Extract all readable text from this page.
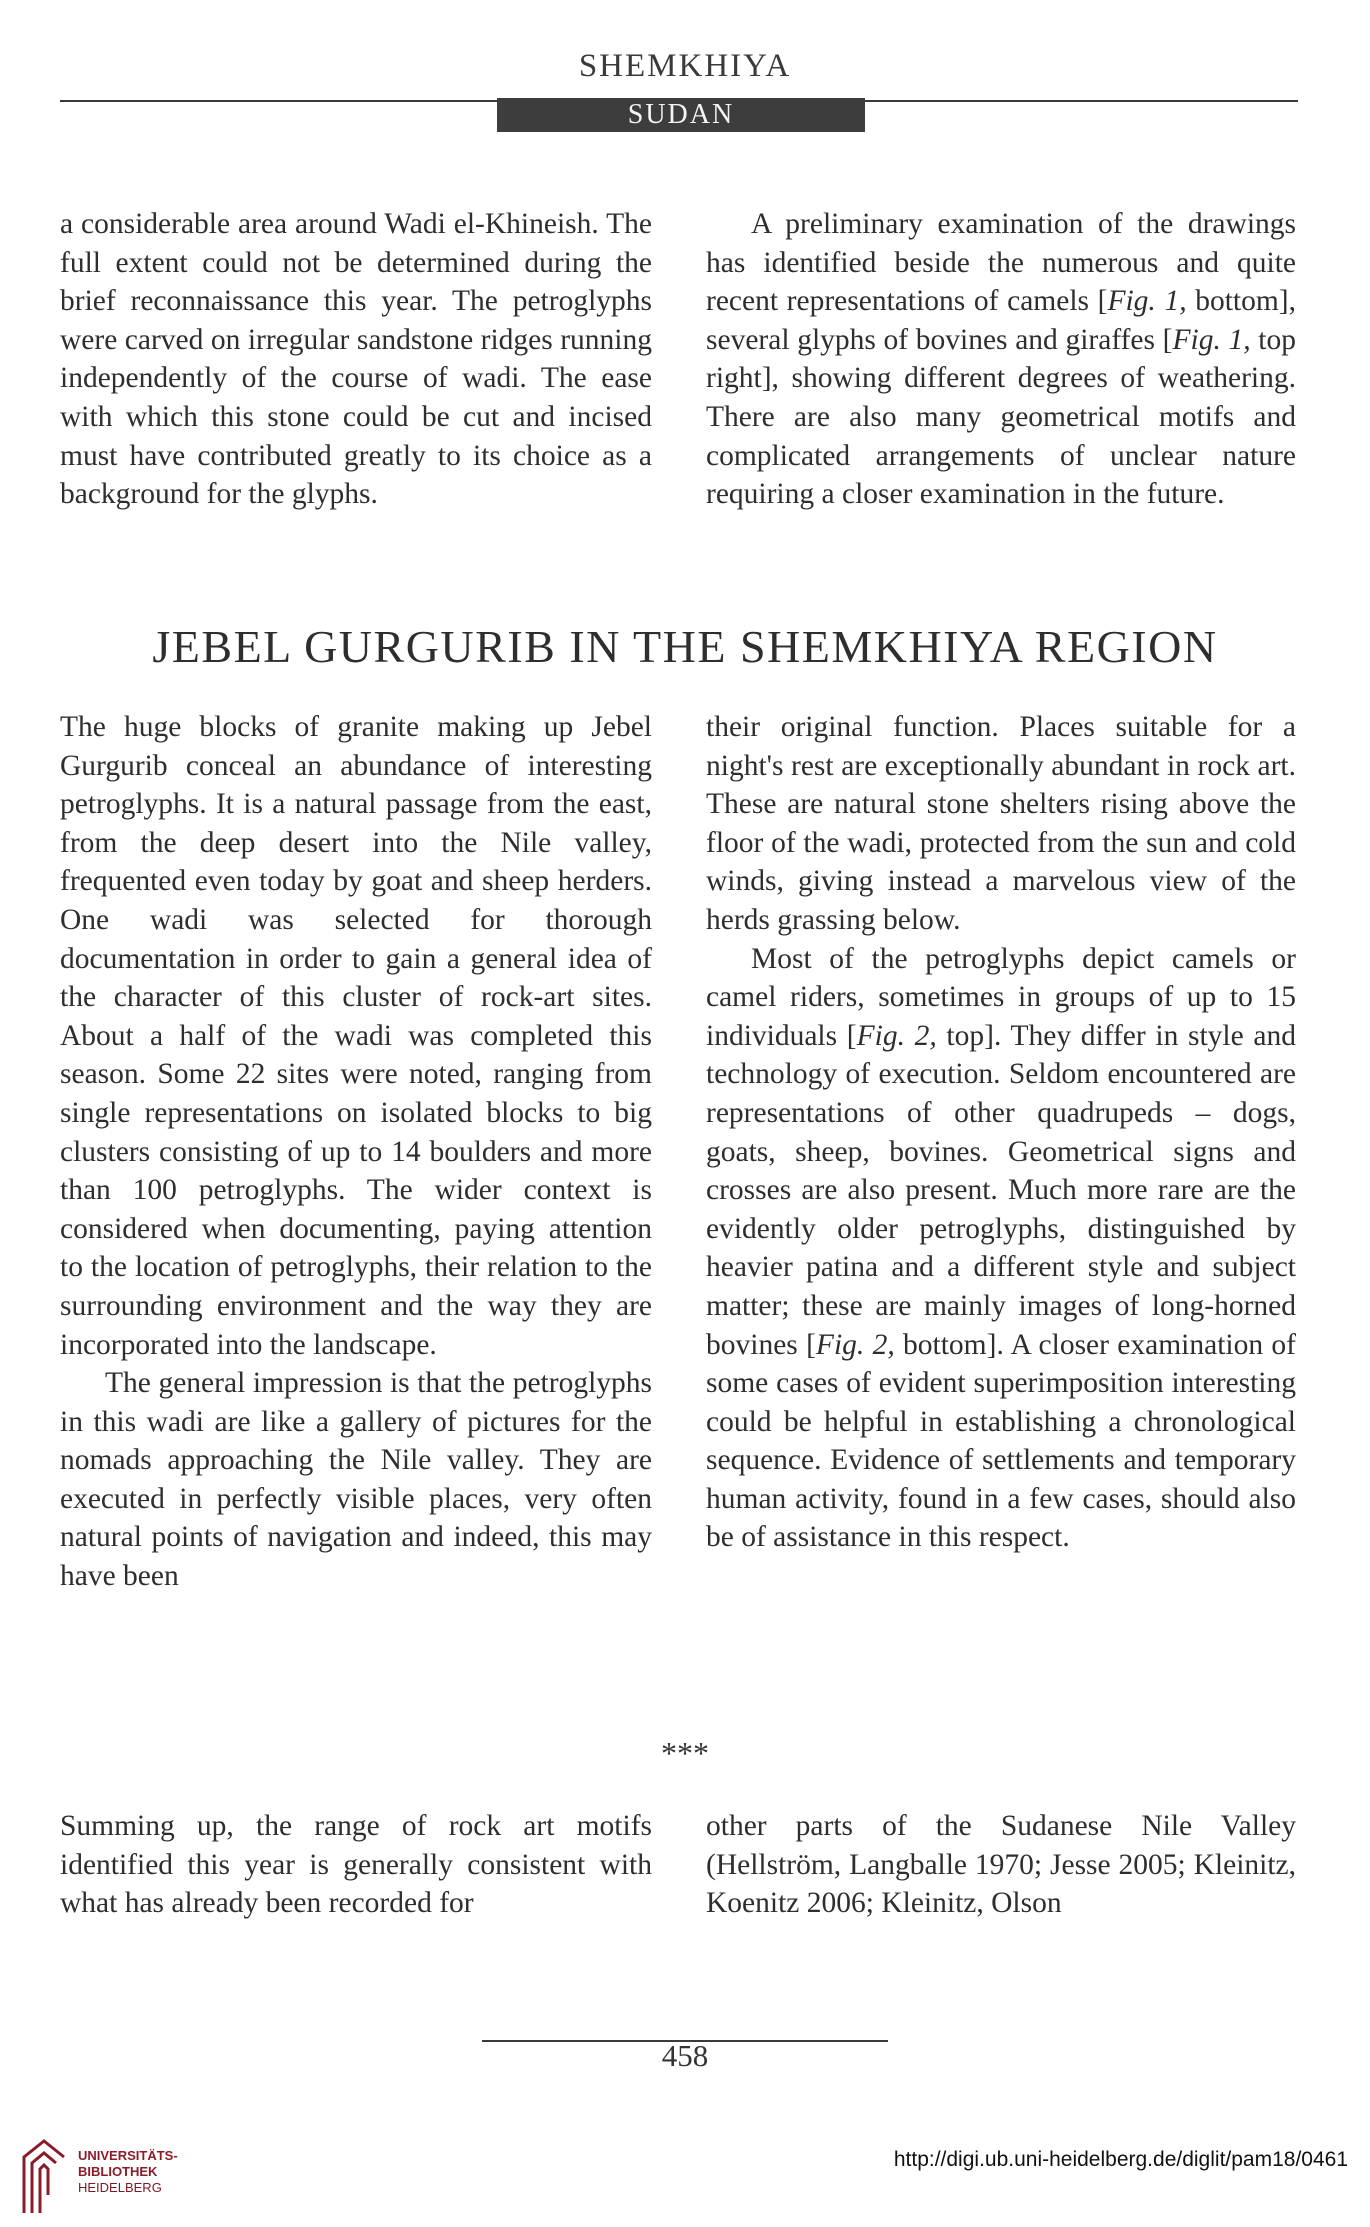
SHEMKHIYA
SUDAN

a considerable area around Wadi el-Khineish. The full extent could not be determined during the brief reconnaissance this year. The petroglyphs were carved on irregular sandstone ridges running independently of the course of wadi. The ease with which this stone could be cut and incised must have contributed greatly to its choice as a background for the glyphs.

A preliminary examination of the drawings has identified beside the numerous and quite recent representations of camels [Fig. 1, bottom], several glyphs of bovines and giraffes [Fig. 1, top right], showing different degrees of weathering. There are also many geometrical motifs and complicated arrangements of unclear nature requiring a closer examination in the future.

JEBEL GURGURIB IN THE SHEMKHIYA REGION

The huge blocks of granite making up Jebel Gurgurib conceal an abundance of interesting petroglyphs. It is a natural passage from the east, from the deep desert into the Nile valley, frequented even today by goat and sheep herders. One wadi was selected for thorough documentation in order to gain a general idea of the character of this cluster of rock-art sites. About a half of the wadi was completed this season. Some 22 sites were noted, ranging from single representations on isolated blocks to big clusters consisting of up to 14 boulders and more than 100 petroglyphs. The wider context is considered when documenting, paying attention to the location of petroglyphs, their relation to the surrounding environment and the way they are incorporated into the landscape.

The general impression is that the petroglyphs in this wadi are like a gallery of pictures for the nomads approaching the Nile valley. They are executed in perfectly visible places, very often natural points of navigation and indeed, this may have been

their original function. Places suitable for a night's rest are exceptionally abundant in rock art. These are natural stone shelters rising above the floor of the wadi, protected from the sun and cold winds, giving instead a marvelous view of the herds grassing below.

Most of the petroglyphs depict camels or camel riders, sometimes in groups of up to 15 individuals [Fig. 2, top]. They differ in style and technology of execution. Seldom encountered are representations of other quadrupeds – dogs, goats, sheep, bovines. Geometrical signs and crosses are also present. Much more rare are the evidently older petroglyphs, distinguished by heavier patina and a different style and subject matter; these are mainly images of long-horned bovines [Fig. 2, bottom]. A closer examination of some cases of evident superimposition interesting could be helpful in establishing a chronological sequence. Evidence of settlements and temporary human activity, found in a few cases, should also be of assistance in this respect.

***

Summing up, the range of rock art motifs identified this year is generally consistent with what has already been recorded for

other parts of the Sudanese Nile Valley (Hellström, Langballe 1970; Jesse 2005; Kleinitz, Koenitz 2006; Kleinitz, Olson

458
UNIVERSITÄTS-
BIBLIOTHEK
HEIDELBERG
http://digi.ub.uni-heidelberg.de/diglit/pam18/0461
